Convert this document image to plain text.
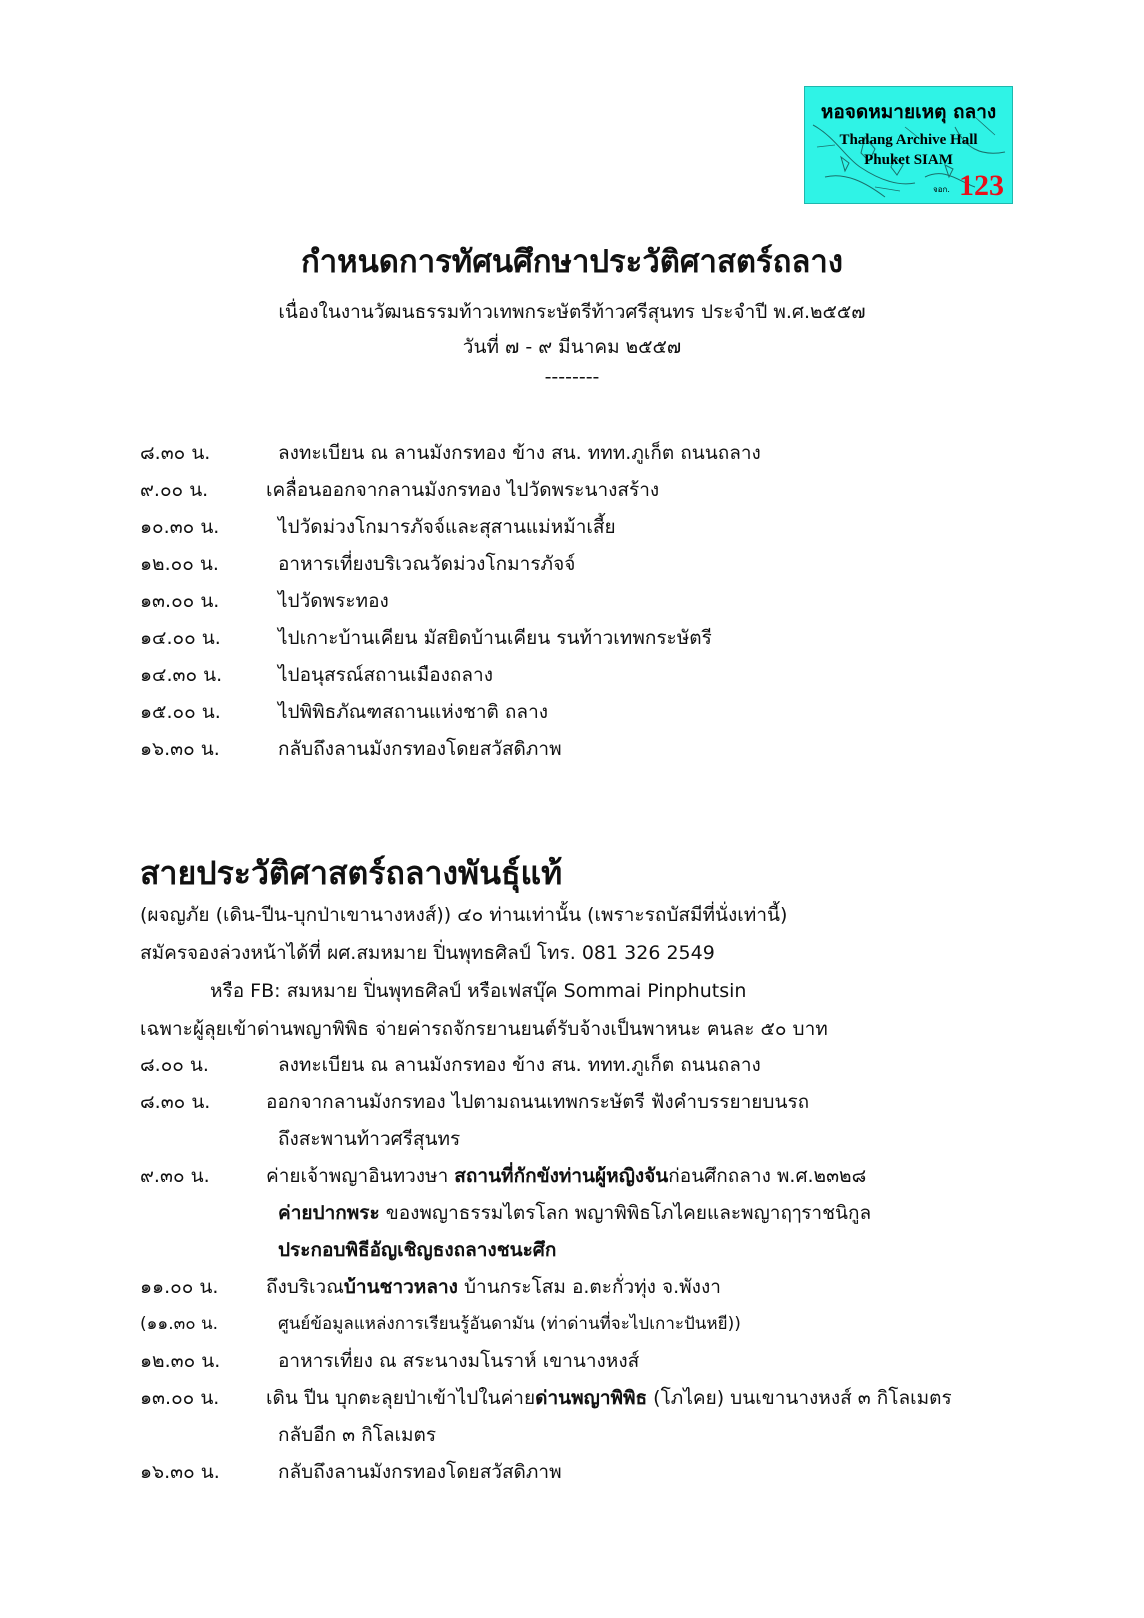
หอจดหมายเหตุ ถลาง
Thalang Archive Hall
Phuket SIAM
จอก. 123
กำหนดการทัศนศึกษาประวัติศาสตร์ถลาง
เนื่องในงานวัฒนธรรมท้าวเทพกระษัตรีท้าวศรีสุนทร ประจำปี พ.ศ.๒๕๕๗
วันที่ ๗ - ๙ มีนาคม ๒๕๕๗
--------
๘.๓๐ น.	ลงทะเบียน ณ ลานมังกรทอง ข้าง สน. ททท.ภูเก็ต ถนนถลาง
๙.๐๐ น.	เคลื่อนออกจากลานมังกรทอง ไปวัดพระนางสร้าง
๑๐.๓๐ น.	ไปวัดม่วงโกมารภัจจ์และสุสานแม่หม้าเสี้ย
๑๒.๐๐ น.	อาหารเที่ยงบริเวณวัดม่วงโกมารภัจจ์
๑๓.๐๐ น.	ไปวัดพระทอง
๑๔.๐๐ น.	ไปเกาะบ้านเคียน มัสยิดบ้านเคียน รนท้าวเทพกระษัตรี
๑๔.๓๐ น.	ไปอนุสรณ์สถานเมืองถลาง
๑๕.๐๐ น.	ไปพิพิธภัณฑสถานแห่งชาติ ถลาง
๑๖.๓๐ น.	กลับถึงลานมังกรทองโดยสวัสดิภาพ
สายประวัติศาสตร์ถลางพันธุ์แท้
(ผจญภัย (เดิน-ปีน-บุกป่าเขานางหงส์)) ๔๐ ท่านเท่านั้น (เพราะรถบัสมีที่นั่งเท่านี้)
สมัครจองล่วงหน้าได้ที่ ผศ.สมหมาย ปิ่นพุทธศิลป์ โทร. 081 326 2549
หรือ FB: สมหมาย ปิ่นพุทธศิลป์ หรือเฟสบุ๊ค Sommai Pinphutsin
เฉพาะผู้ลุยเข้าด่านพญาพิพิธ จ่ายค่ารถจักรยานยนต์รับจ้างเป็นพาหนะ ฅนละ ๕๐ บาท
๘.๐๐ น.	ลงทะเบียน ณ ลานมังกรทอง ข้าง สน. ททท.ภูเก็ต ถนนถลาง
๘.๓๐ น.	ออกจากลานมังกรทอง ไปตามถนนเทพกระษัตรี ฟังคำบรรยายบนรถ
ถึงสะพานท้าวศรีสุนทร
๙.๓๐ น.	ค่ายเจ้าพญาอินทวงษา สถานที่กักขังท่านผู้หญิงจันก่อนศึกถลาง พ.ศ.๒๓๒๘
ค่ายปากพระ ของพญาธรรมไตรโลก พญาพิพิธโภไคยและพญาฤๅราชนิกูล
ประกอบพิธีอัญเชิญธงถลางชนะศึก
๑๑.๐๐ น.	ถึงบริเวณบ้านชาวหลาง บ้านกระโสม อ.ตะกั่วทุ่ง จ.พังงา
(๑๑.๓๐ น.	ศูนย์ข้อมูลแหล่งการเรียนรู้อันดามัน (ท่าด่านที่จะไปเกาะปันหยี))
๑๒.๓๐ น.	อาหารเที่ยง ณ สระนางมโนราห์ เขานางหงส์
๑๓.๐๐ น. เดิน ปีน บุกตะลุยป่าเข้าไปในค่ายด่านพญาพิพิธ (โภไคย) บนเขานางหงส์ ๓ กิโลเมตร
กลับอีก ๓ กิโลเมตร
๑๖.๓๐ น.	กลับถึงลานมังกรทองโดยสวัสดิภาพ
